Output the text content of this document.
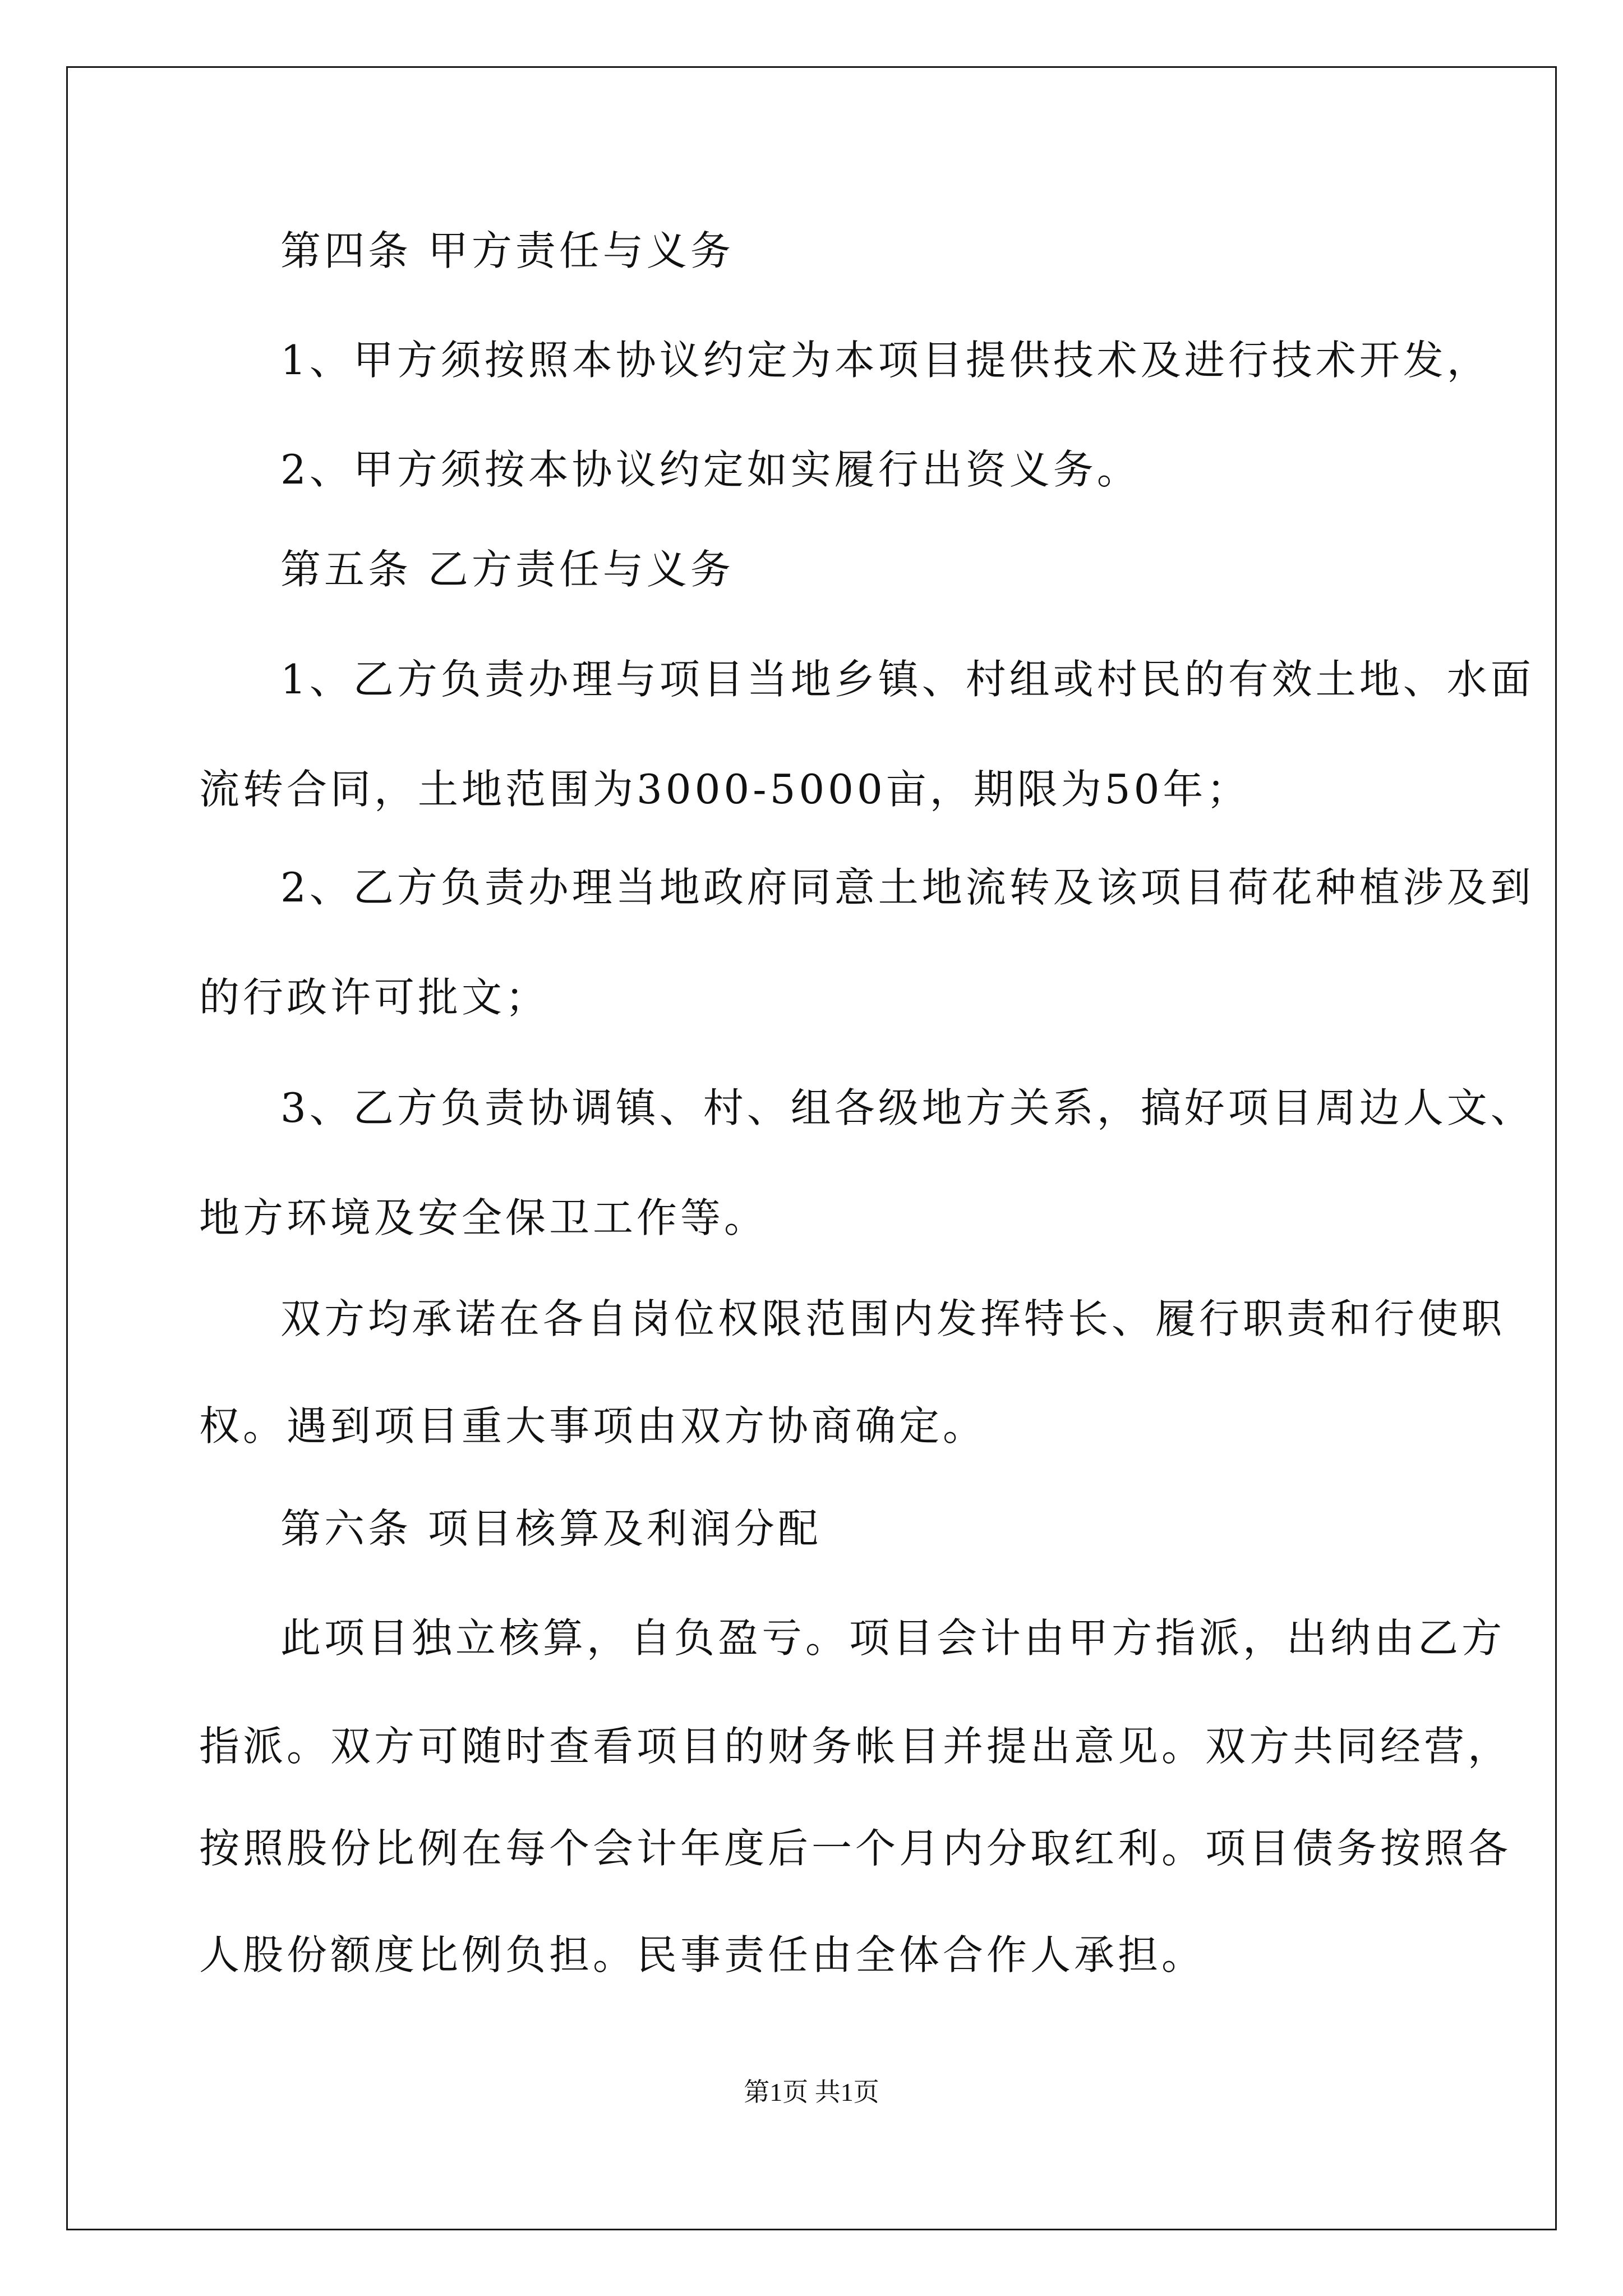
第四条 甲方责任与义务
1、甲方须按照本协议约定为本项目提供技术及进行技术开发，
2、甲方须按本协议约定如实履行出资义务。
第五条 乙方责任与义务
1、乙方负责办理与项目当地乡镇、村组或村民的有效土地、水面
流转合同，土地范围为3000-5000亩，期限为50年；
2、乙方负责办理当地政府同意土地流转及该项目荷花种植涉及到
的行政许可批文；
3、乙方负责协调镇、村、组各级地方关系，搞好项目周边人文、
地方环境及安全保卫工作等。
双方均承诺在各自岗位权限范围内发挥特长、履行职责和行使职
权。遇到项目重大事项由双方协商确定。
第六条 项目核算及利润分配
此项目独立核算，自负盈亏。项目会计由甲方指派，出纳由乙方
指派。双方可随时查看项目的财务帐目并提出意见。双方共同经营，
按照股份比例在每个会计年度后一个月内分取红利。项目债务按照各
人股份额度比例负担。民事责任由全体合作人承担。
第1页 共1页
